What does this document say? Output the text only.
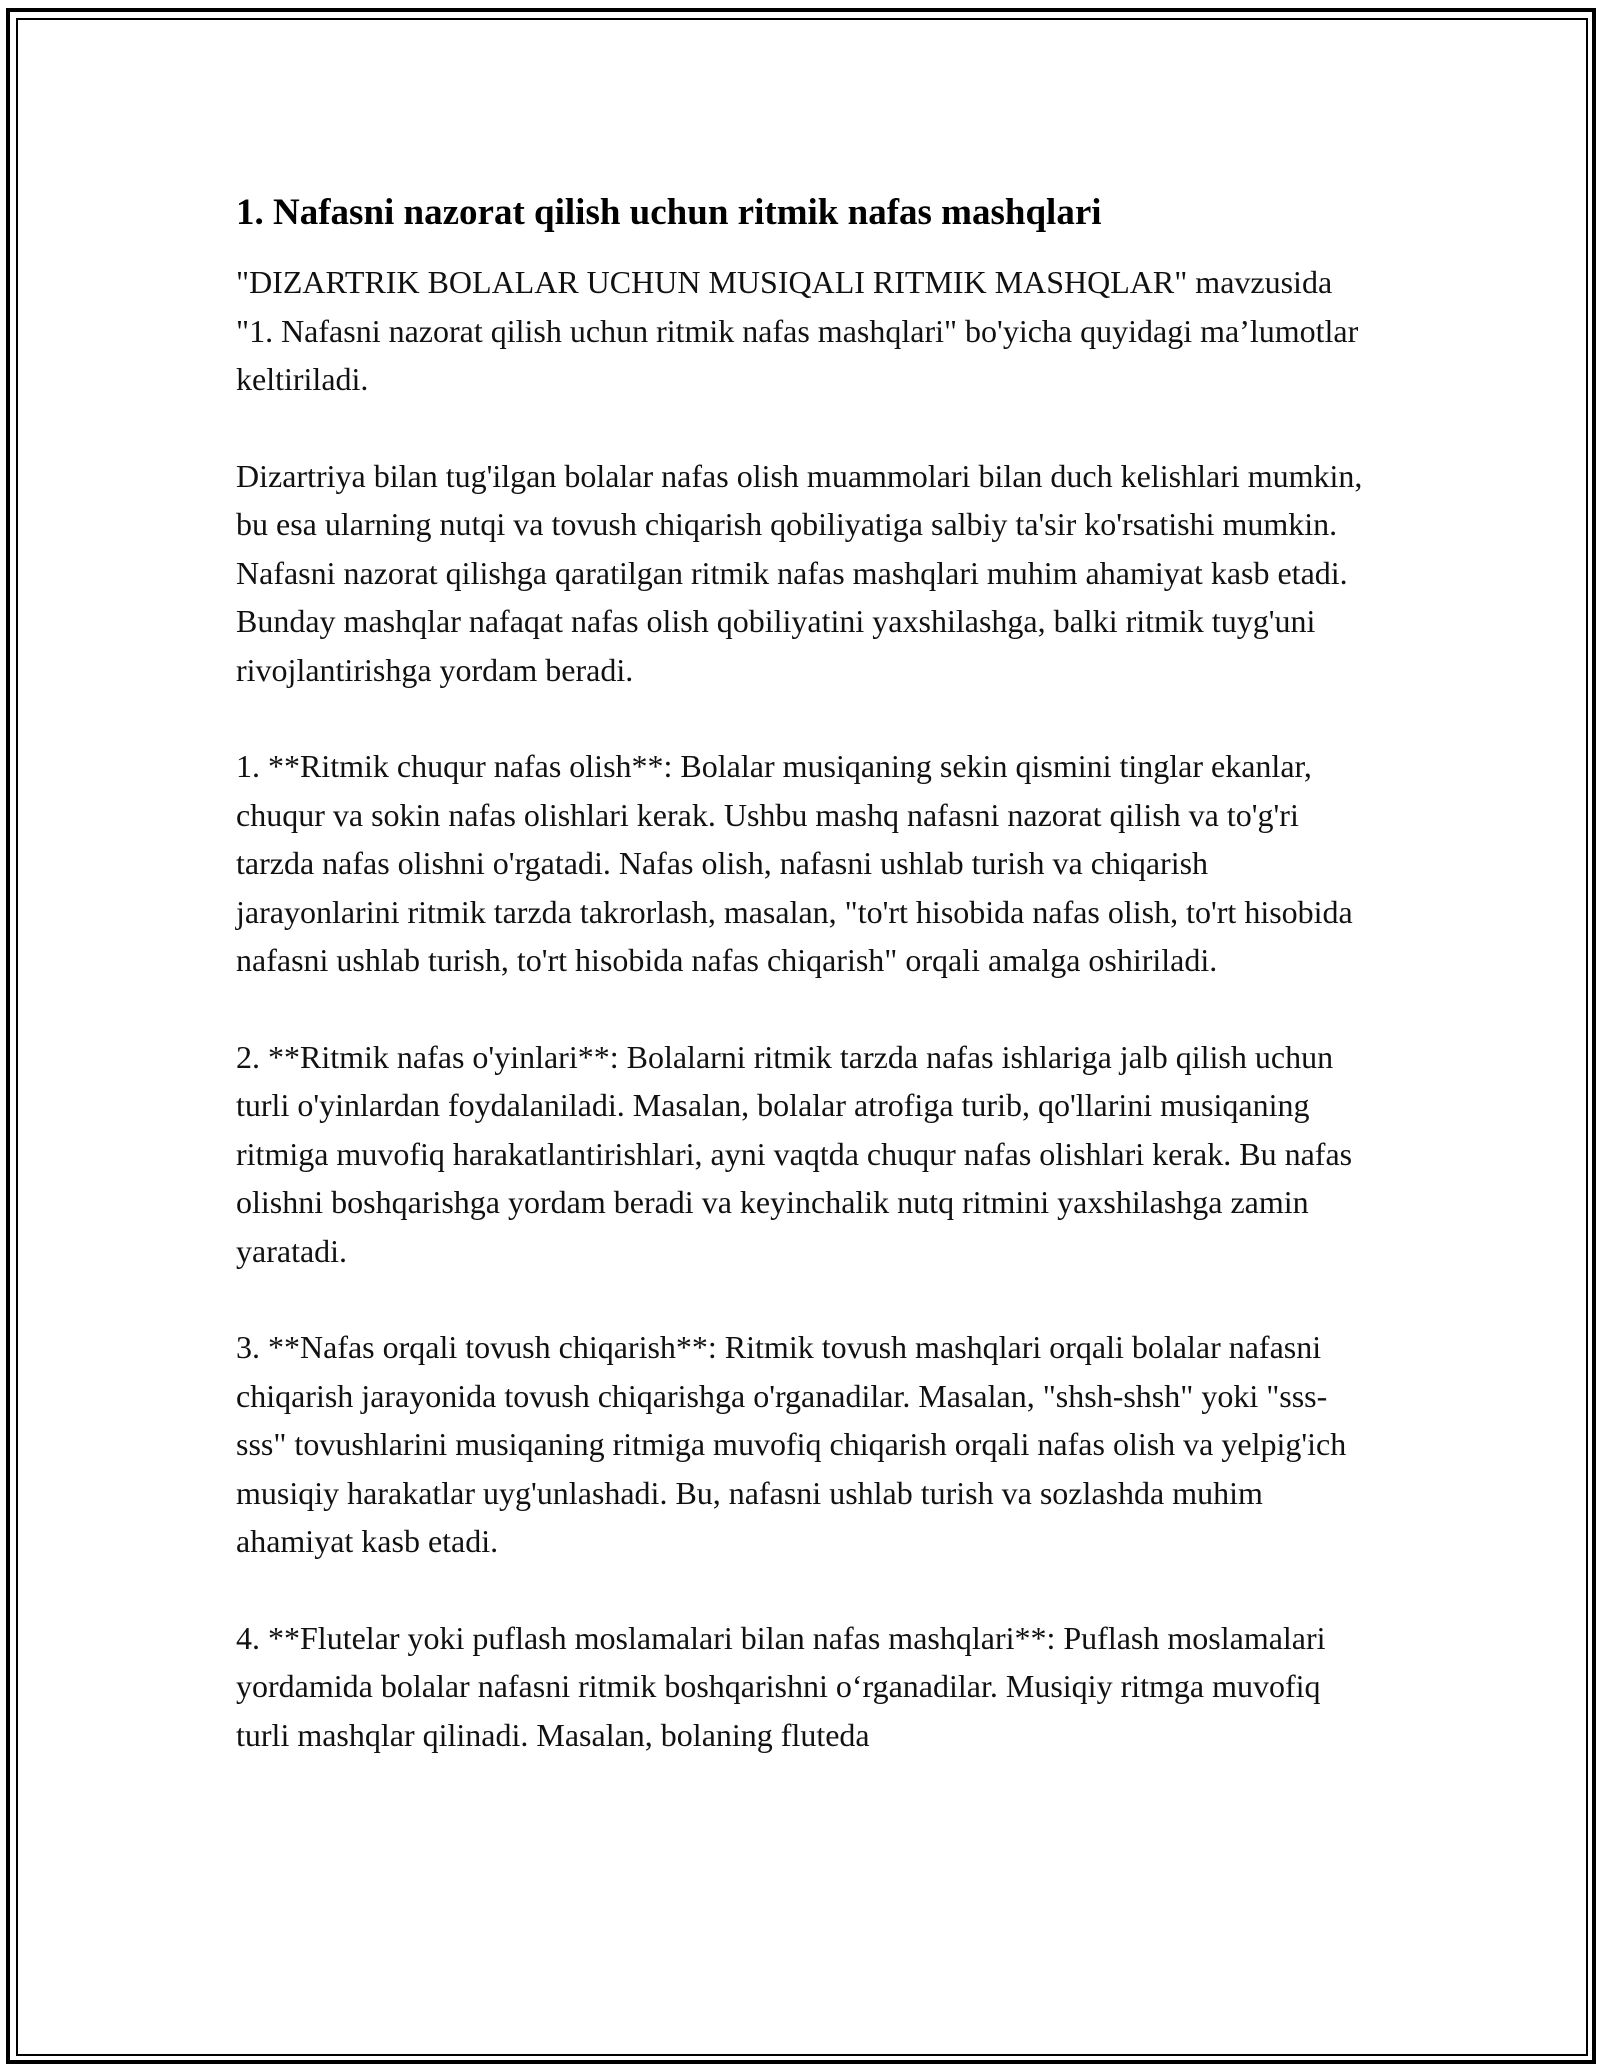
1. Nafasni nazorat qilish uchun ritmik nafas mashqlari

"DIZARTRIK BOLALAR UCHUN MUSIQALI RITMIK MASHQLAR" mavzusida "1. Nafasni nazorat qilish uchun ritmik nafas mashqlari" bo'yicha quyidagi ma’lumotlar keltiriladi.

Dizartriya bilan tug'ilgan bolalar nafas olish muammolari bilan duch kelishlari mumkin, bu esa ularning nutqi va tovush chiqarish qobiliyatiga salbiy ta'sir ko'rsatishi mumkin. Nafasni nazorat qilishga qaratilgan ritmik nafas mashqlari muhim ahamiyat kasb etadi. Bunday mashqlar nafaqat nafas olish qobiliyatini yaxshilashga, balki ritmik tuyg'uni rivojlantirishga yordam beradi.

1. **Ritmik chuqur nafas olish**: Bolalar musiqaning sekin qismini tinglar ekanlar, chuqur va sokin nafas olishlari kerak. Ushbu mashq nafasni nazorat qilish va to'g'ri tarzda nafas olishni o'rgatadi. Nafas olish, nafasni ushlab turish va chiqarish jarayonlarini ritmik tarzda takrorlash, masalan, "to'rt hisobida nafas olish, to'rt hisobida nafasni ushlab turish, to'rt hisobida nafas chiqarish" orqali amalga oshiriladi.

2. **Ritmik nafas o'yinlari**: Bolalarni ritmik tarzda nafas ishlariga jalb qilish uchun turli o'yinlardan foydalaniladi. Masalan, bolalar atrofiga turib, qo'llarini musiqaning ritmiga muvofiq harakatlantirishlari, ayni vaqtda chuqur nafas olishlari kerak. Bu nafas olishni boshqarishga yordam beradi va keyinchalik nutq ritmini yaxshilashga zamin yaratadi.

3. **Nafas orqali tovush chiqarish**: Ritmik tovush mashqlari orqali bolalar nafasni chiqarish jarayonida tovush chiqarishga o'rganadilar. Masalan, "shsh-shsh" yoki "sss-sss" tovushlarini musiqaning ritmiga muvofiq chiqarish orqali nafas olish va yelpig'ich musiqiy harakatlar uyg'unlashadi. Bu, nafasni ushlab turish va sozlashda muhim ahamiyat kasb etadi.

4. **Flutelar yoki puflash moslamalari bilan nafas mashqlari**: Puflash moslamalari yordamida bolalar nafasni ritmik boshqarishni o‘rganadilar. Musiqiy ritmga muvofiq turli mashqlar qilinadi. Masalan, bolaning fluteda
